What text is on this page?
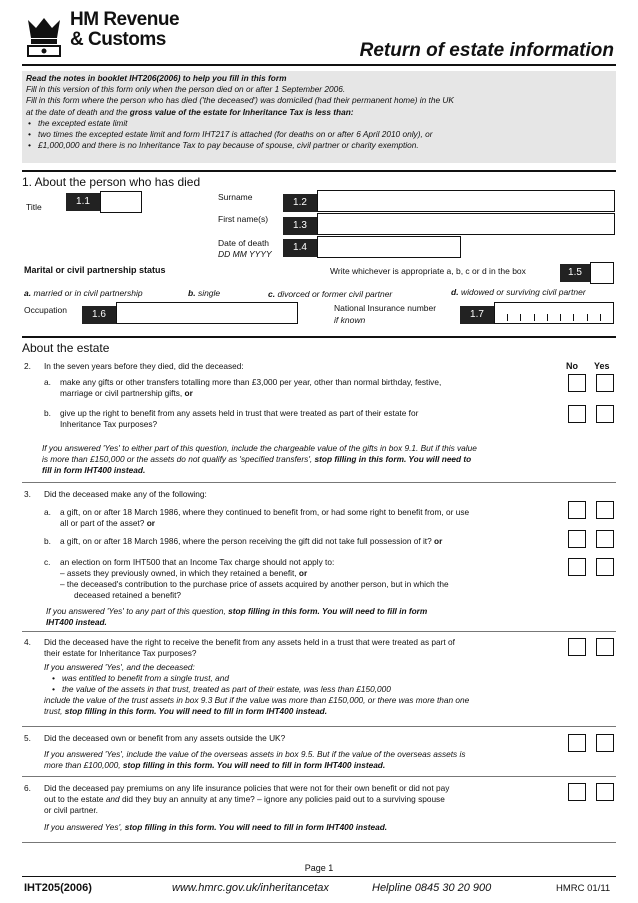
HM Revenue
& Customs
Return of estate information
Read the notes in booklet IHT206(2006) to help you fill in this form
Fill in this version of this form only when the person died on or after 1 September 2006.
Fill in this form where the person who has died ('the deceased') was domiciled (had their permanent home) in the UK
at the date of death and the gross value of the estate for Inheritance Tax is less than:
• the excepted estate limit
• two times the excepted estate limit and form IHT217 is attached (for deaths on or after 6 April 2010 only), or
• £1,000,000 and there is no Inheritance Tax to pay because of spouse, civil partner or charity exemption.
1. About the person who has died
Title	1.1	Surname	1.2
First name(s)
1.3
Date of death
DD MM YYYY
1.4
Marital or civil partnership status	Write whichever is appropriate a, b, c or d in the box	1.5
a. married or in civil partnership	b. single	c. divorced or former civil partner	d. widowed or surviving civil partner
Occupation	1.6
National Insurance number
if known	1.7
About the estate
No Yes
2. In the seven years before they died, did the deceased:
a. make any gifts or other transfers totalling more than £3,000 per year, other than normal birthday, festive,
marriage or civil partnership gifts, or
b. give up the right to benefit from any assets held in trust that were treated as part of their estate for
Inheritance Tax purposes?
If you answered 'Yes' to either part of this question, include the chargeable value of the gifts in box 9.1. But if this value
is more than £150,000 or the assets do not qualify as 'specified transfers', stop filling in this form. You will need to
fill in form IHT400 instead.
3. Did the deceased make any of the following:
a. a gift, on or after 18 March 1986, where they continued to benefit from, or had some right to benefit from, or use
all or part of the asset? or
b. a gift, on or after 18 March 1986, where the person receiving the gift did not take full possession of it? or
c. an election on form IHT500 that an Income Tax charge should not apply to:
– assets they previously owned, in which they retained a benefit, or
– the deceased's contribution to the purchase price of assets acquired by another person, but in which the
deceased retained a benefit?
If you answered 'Yes' to any part of this question, stop filling in this form. You will need to fill in form
IHT400 instead.
4. Did the deceased have the right to receive the benefit from any assets held in a trust that were treated as part of
their estate for Inheritance Tax purposes?
If you answered 'Yes', and the deceased:
• was entitled to benefit from a single trust, and
• the value of the assets in that trust, treated as part of their estate, was less than £150,000
include the value of the trust assets in box 9.3 But if the value was more than £150,000, or there was more than one
trust, stop filling in this form. You will need to fill in form IHT400 instead.
5. Did the deceased own or benefit from any assets outside the UK?
If you answered 'Yes', include the value of the overseas assets in box 9.5. But if the value of the overseas assets is
more than £100,000, stop filling in this form. You will need to fill in form IHT400 instead.
6. Did the deceased pay premiums on any life insurance policies that were not for their own benefit or did not pay
out to the estate and did they buy an annuity at any time? – ignore any policies paid out to a surviving spouse
or civil partner.
If you answered Yes', stop filling in this form. You will need to fill in form IHT400 instead.
Page 1
IHT205(2006)	www.hmrc.gov.uk/inheritancetax	Helpline 0845 30 20 900	HMRC 01/11
